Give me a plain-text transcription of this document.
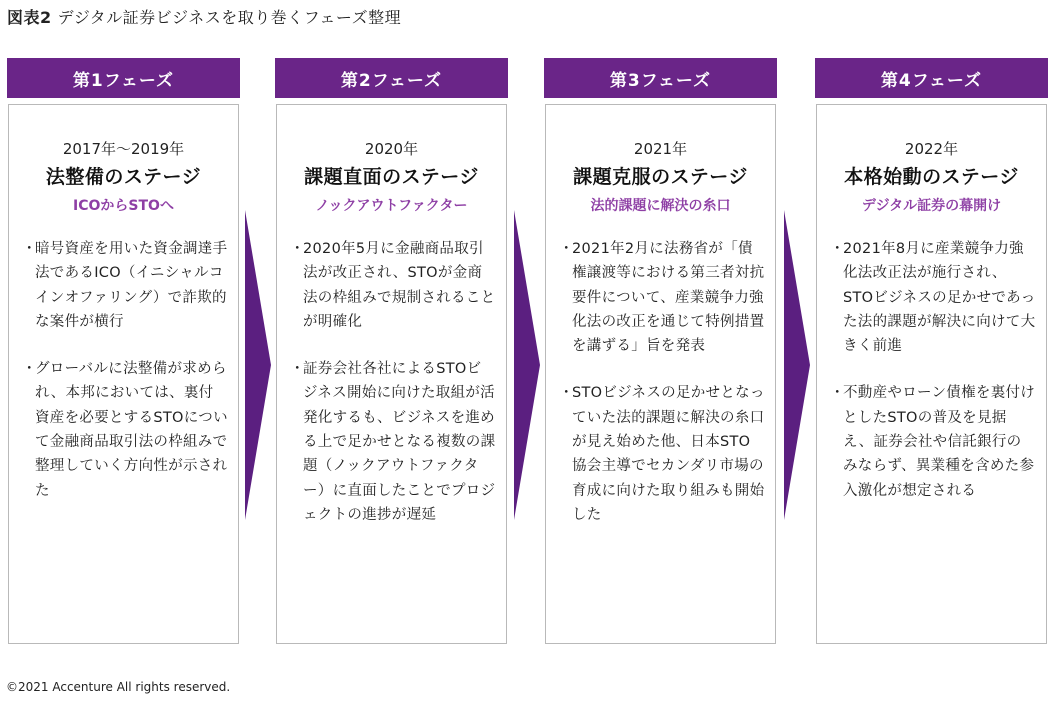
図表2 デジタル証券ビジネスを取り巻くフェーズ整理
第1フェーズ
2017年〜2019年
法整備のステージ
ICOからSTOへ
・
暗号資産を用いた資金調達手法であるICO（イニシャルコインオファリング）で詐欺的な案件が横行
・
グローバルに法整備が求められ、本邦においては、裏付資産を必要とするSTOについて金融商品取引法の枠組みで整理していく方向性が示された
第2フェーズ
2020年
課題直面のステージ
ノックアウトファクター
・
2020年5月に金融商品取引法が改正され、STOが金商法の枠組みで規制されることが明確化
・
証券会社各社によるSTOビジネス開始に向けた取組が活発化するも、ビジネスを進める上で足かせとなる複数の課題（ノックアウトファクター）に直面したことでプロジェクトの進捗が遅延
第3フェーズ
2021年
課題克服のステージ
法的課題に解決の糸口
・
2021年2月に法務省が「債権譲渡等における第三者対抗要件について、産業競争力強化法の改正を通じて特例措置を講ずる」旨を発表
・
STOビジネスの足かせとなっていた法的課題に解決の糸口が見え始めた他、日本STO協会主導でセカンダリ市場の育成に向けた取り組みも開始した
第4フェーズ
2022年
本格始動のステージ
デジタル証券の幕開け
・
2021年8月に産業競争力強化法改正法が施行され、STOビジネスの足かせであった法的課題が解決に向けて大きく前進
・
不動産やローン債権を裏付けとしたSTOの普及を見据え、証券会社や信託銀行のみならず、異業種を含めた参入激化が想定される
©2021 Accenture All rights reserved.
